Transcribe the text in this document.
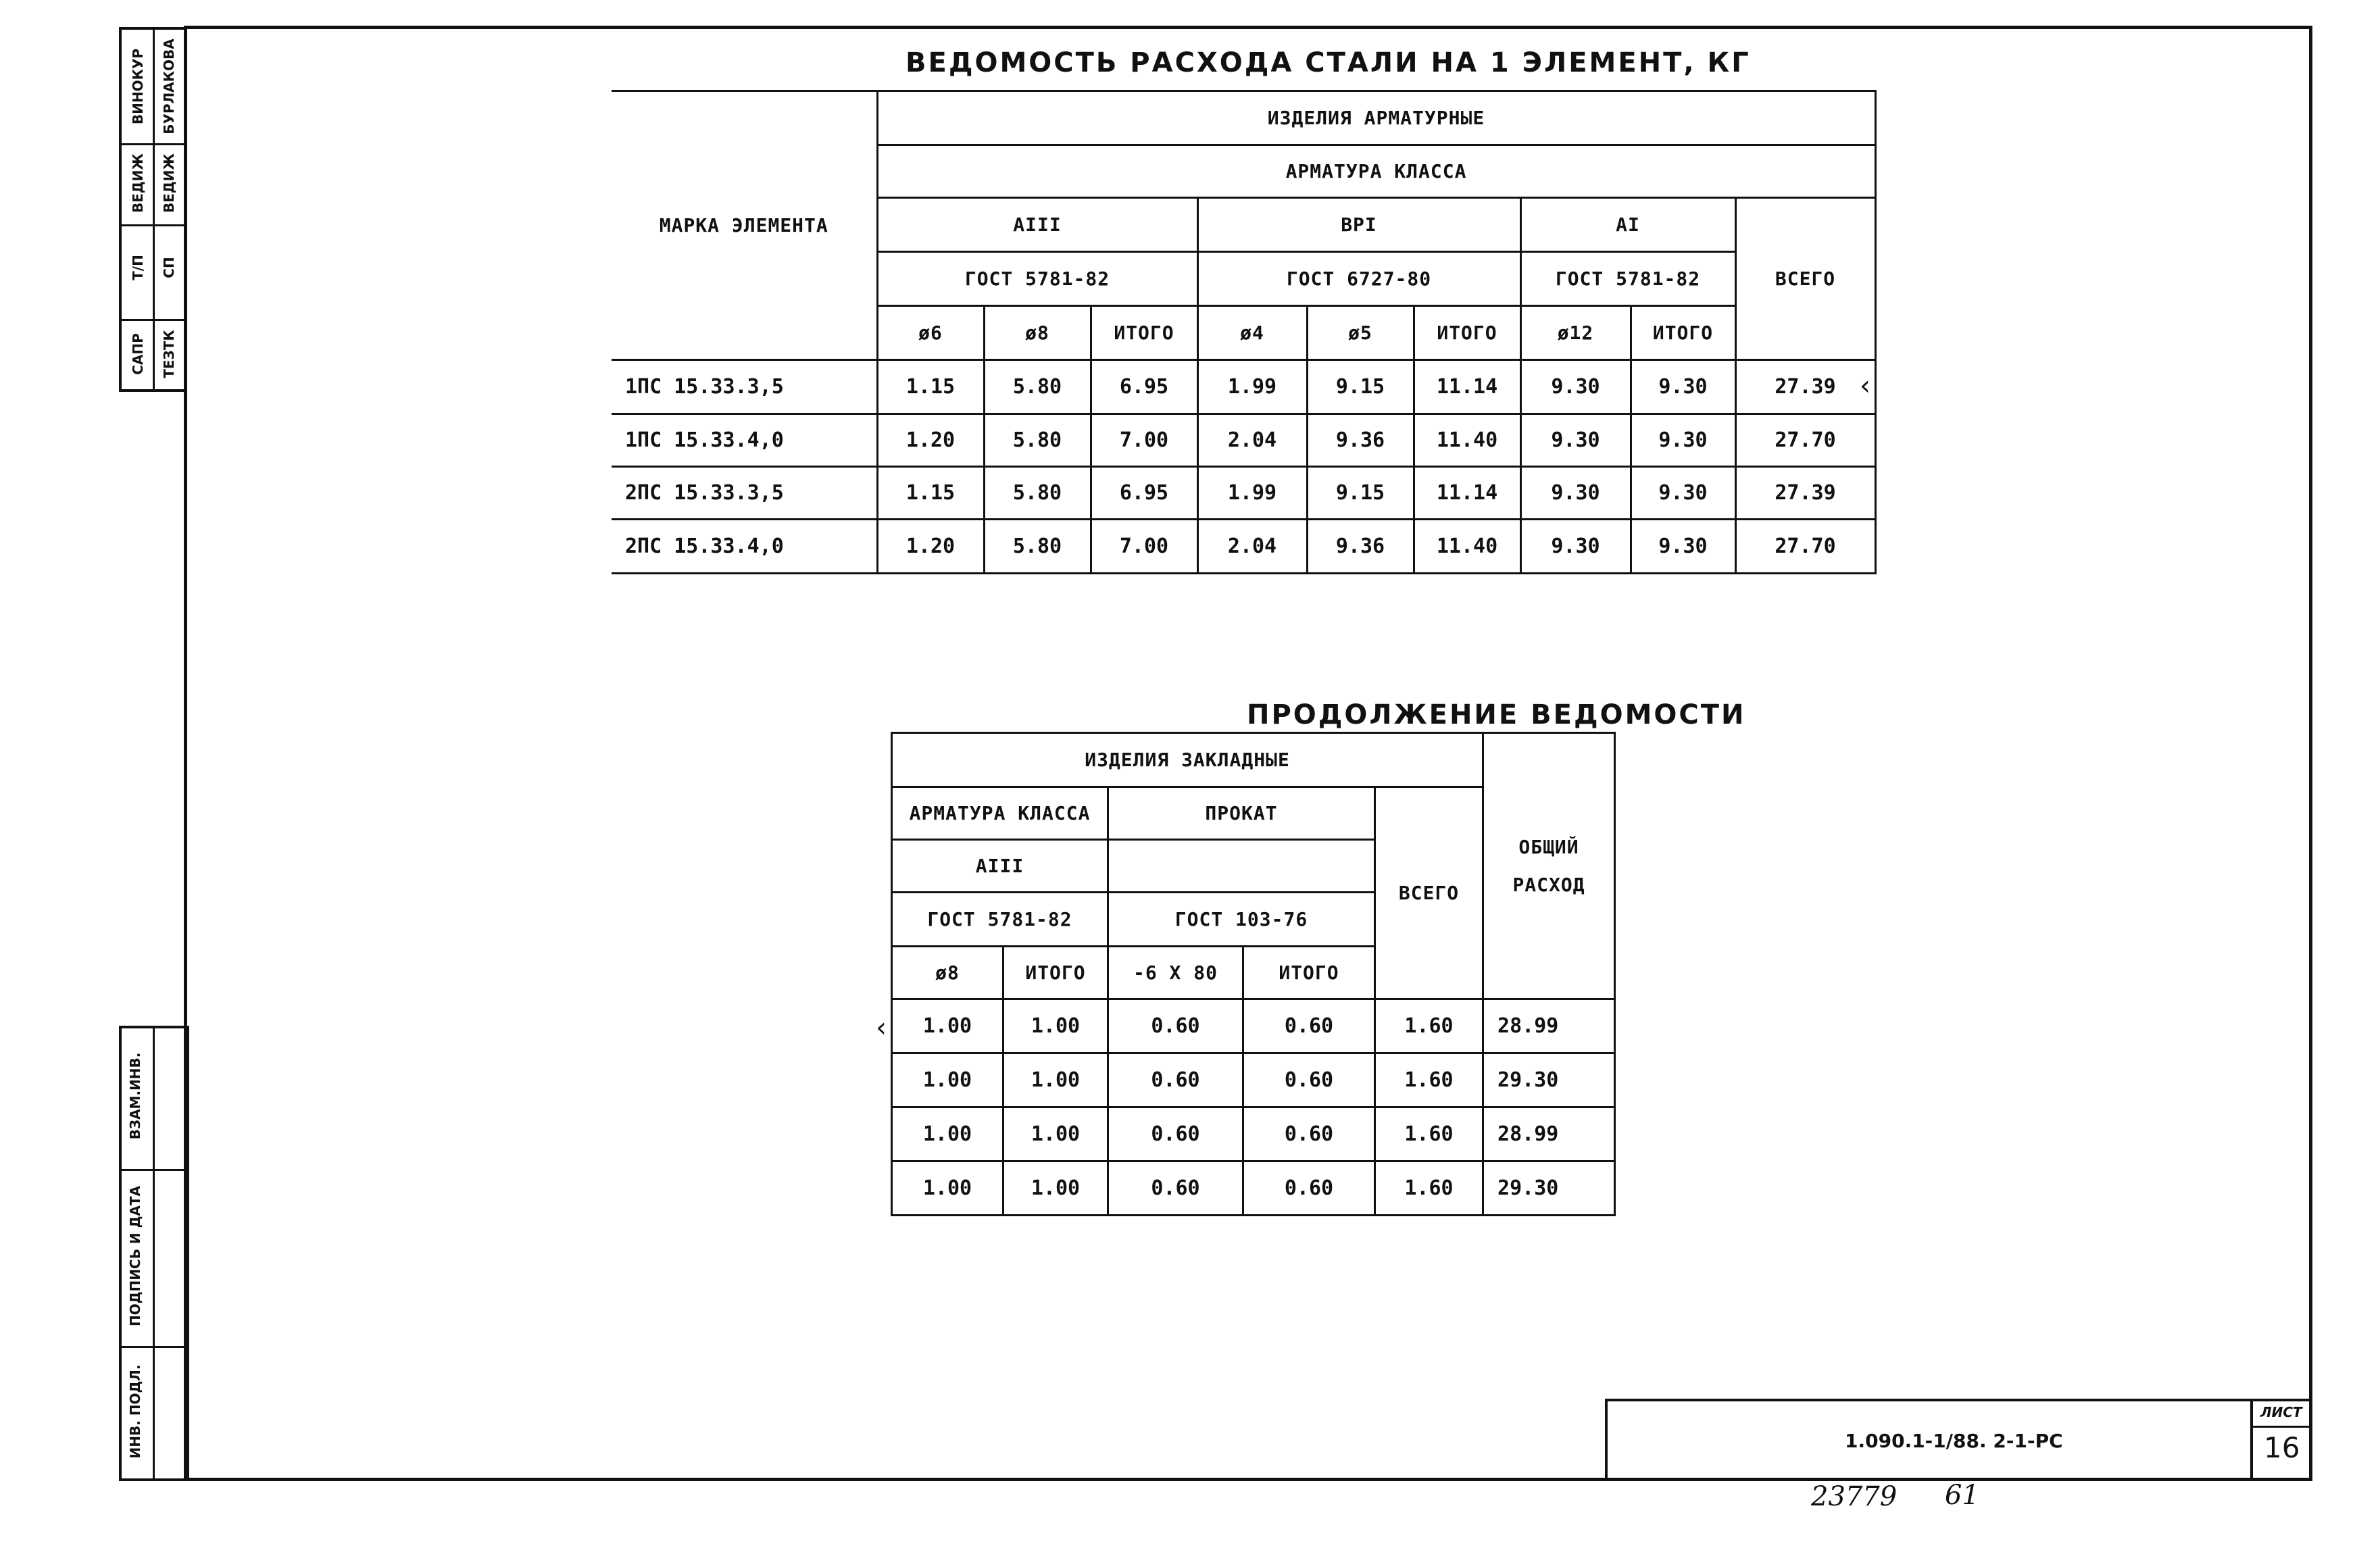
САПР
Т/П
ВЕДИЖ
ВИНОКУР
ТЕЗТК
СП
ВЕДИЖ
БУРЛАКОВА
ВЗАМ.ИНВ.
ПОДПИСЬ И ДАТА
ИНВ. ПОДЛ.
ВЕДОМОСТЬ РАСХОДА СТАЛИ НА 1 ЭЛЕМЕНТ, КГ
МАРКА ЭЛЕМЕНТА	ИЗДЕЛИЯ АРМАТУРНЫЕ								
	АРМАТУРА КЛАССА								
	AIII			ВРI			AI		ВСЕГО
	ГОСТ 5781-82			ГОСТ 6727-80			ГОСТ 5781-82		
	ø6	ø8	ИТОГО	ø4	ø5	ИТОГО	ø12	ИТОГО	
1ПС 15.33.3,5	1.15	5.80	6.95	1.99	9.15	11.14	9.30	9.30	27.39
1ПС 15.33.4,0	1.20	5.80	7.00	2.04	9.36	11.40	9.30	9.30	27.70
2ПС 15.33.3,5	1.15	5.80	6.95	1.99	9.15	11.14	9.30	9.30	27.39
2ПС 15.33.4,0	1.20	5.80	7.00	2.04	9.36	11.40	9.30	9.30	27.70
‹
ПРОДОЛЖЕНИЕ ВЕДОМОСТИ
ИЗДЕЛИЯ ЗАКЛАДНЫЕ					ОБЩИЙ
РАСХОД

АРМАТУРА КЛАССА		ПРОКАТ		ВСЕГО	
AIII					
ГОСТ 5781-82		ГОСТ 103-76			
ø8	ИТОГО	-6 X 80	ИТОГО		
1.00	1.00	0.60	0.60	1.60	28.99
1.00	1.00	0.60	0.60	1.60	29.30
1.00	1.00	0.60	0.60	1.60	28.99
1.00	1.00	0.60	0.60	1.60	29.30
‹
1.090.1-1/88. 2-1-РС
ЛИСТ
16
23779 61
